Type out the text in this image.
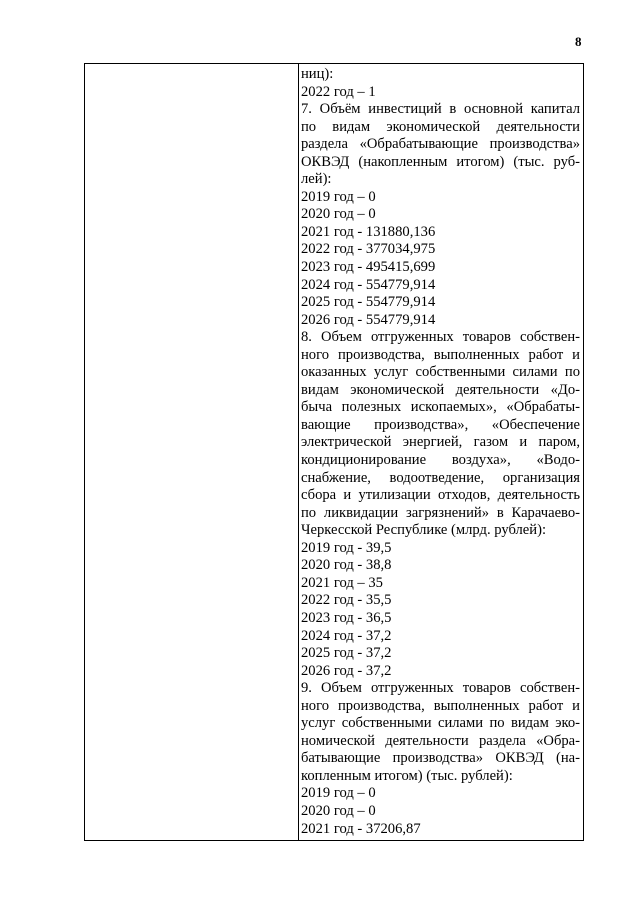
8
ниц):
2022 год – 1
7. Объём инвестиций в основной капитал
по видам экономической деятельности
раздела «Обрабатывающие производства»
ОКВЭД (накопленным итогом) (тыс. руб-
лей):
2019 год – 0
2020 год – 0
2021 год - 131880,136
2022 год - 377034,975
2023 год - 495415,699
2024 год - 554779,914
2025 год - 554779,914
2026 год - 554779,914
8. Объем отгруженных товаров собствен-
ного производства, выполненных работ и
оказанных услуг собственными силами по
видам экономической деятельности «До-
быча полезных ископаемых», «Обрабаты-
вающие производства», «Обеспечение
электрической энергией, газом и паром,
кондиционирование воздуха», «Водо-
снабжение, водоотведение, организация
сбора и утилизации отходов, деятельность
по ликвидации загрязнений» в Карачаево-
Черкесской Республике (млрд. рублей):
2019 год - 39,5
2020 год - 38,8
2021 год – 35
2022 год - 35,5
2023 год - 36,5
2024 год - 37,2
2025 год - 37,2
2026 год - 37,2
9. Объем отгруженных товаров собствен-
ного производства, выполненных работ и
услуг собственными силами по видам эко-
номической деятельности раздела «Обра-
батывающие производства» ОКВЭД (на-
копленным итогом) (тыс. рублей):
2019 год – 0
2020 год – 0
2021 год - 37206,87
